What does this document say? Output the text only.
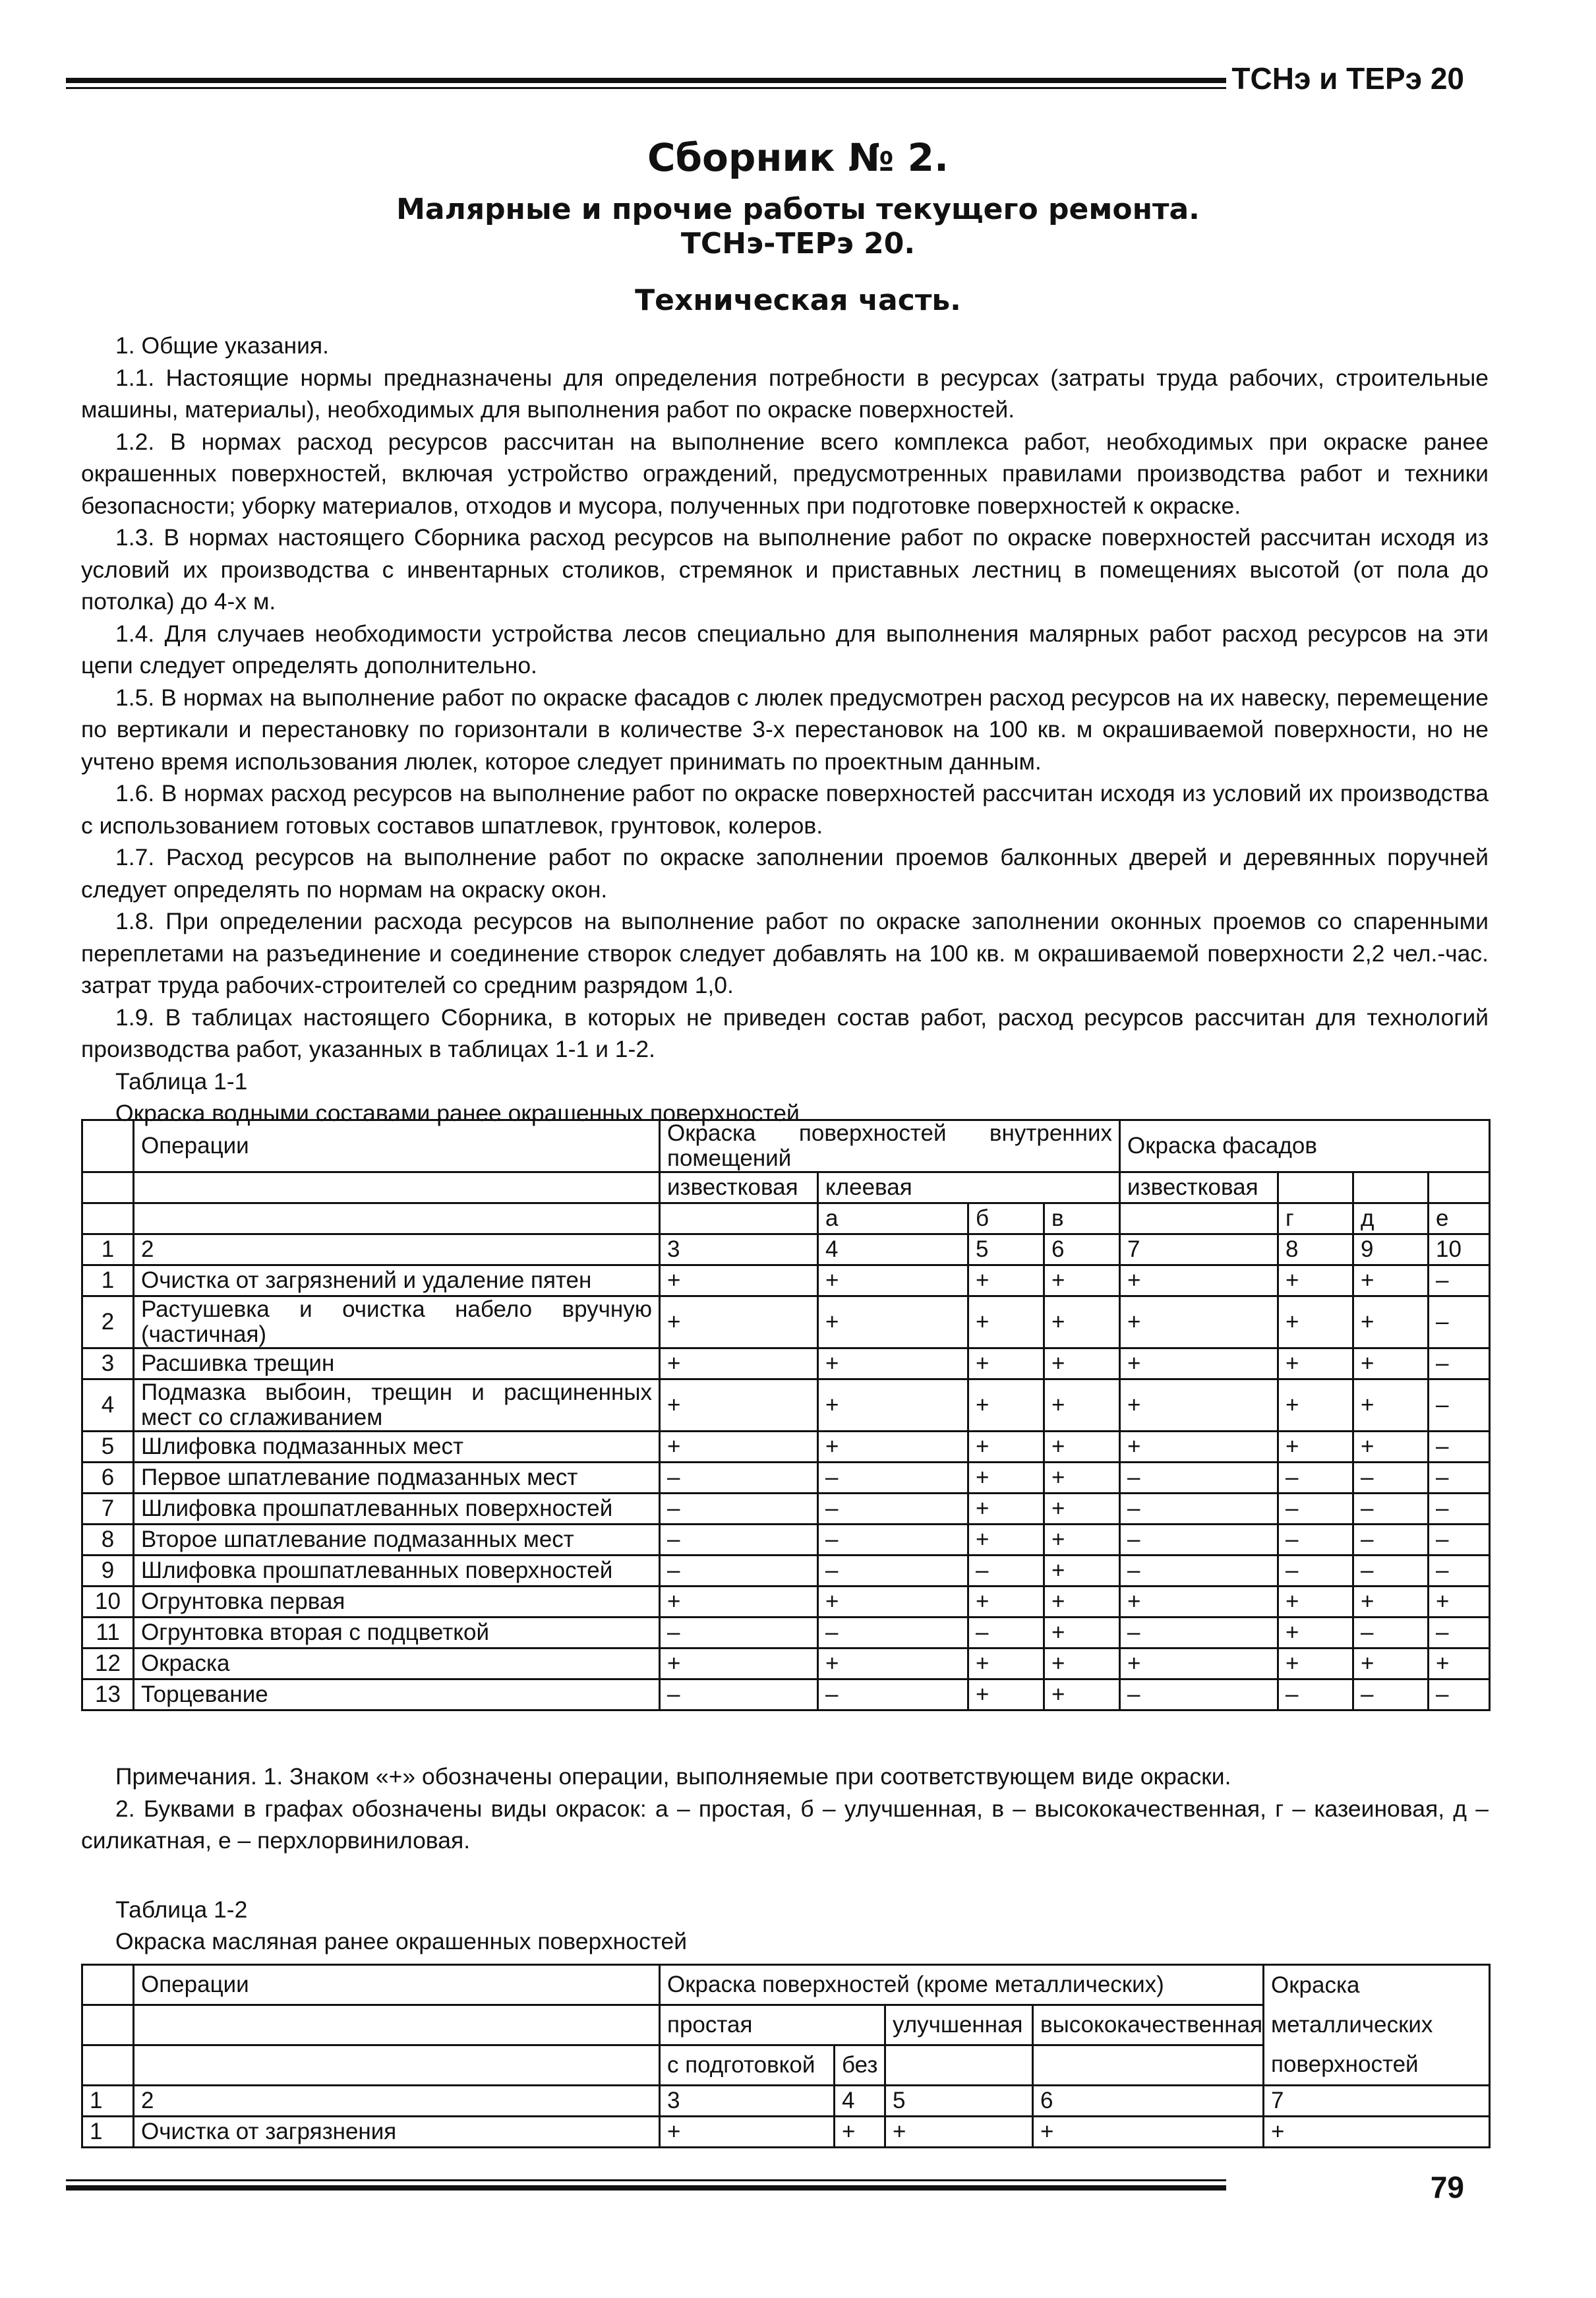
ТСНэ и ТЕРэ 20
Сборник № 2.
Малярные и прочие работы текущего ремонта.
ТСНэ-ТЕРэ 20.
Техническая часть.

1. Общие указания.

1.1. Настоящие нормы предназначены для определения потребности в ресурсах (затраты труда рабочих, строительные машины, материалы), необходимых для выполнения работ по окраске поверхностей.

1.2. В нормах расход ресурсов рассчитан на выполнение всего комплекса работ, необходимых при окраске ранее окрашенных поверхностей, включая устройство ограждений, предусмотренных правилами производства работ и техники безопасности; уборку материалов, отходов и мусора, полученных при подготовке поверхностей к окраске.

1.3. В нормах настоящего Сборника расход ресурсов на выполнение работ по окраске поверхностей рассчитан исходя из условий их производства с инвентарных столиков, стремянок и приставных лестниц в помещениях высотой (от пола до потолка) до 4-х м.

1.4. Для случаев необходимости устройства лесов специально для выполнения малярных работ расход ресурсов на эти цепи следует определять дополнительно.

1.5. В нормах на выполнение работ по окраске фасадов с люлек предусмотрен расход ресурсов на их навеску, перемещение по вертикали и перестановку по горизонтали в количестве 3-х перестановок на 100 кв. м окрашиваемой поверхности, но не учтено время использования люлек, которое следует принимать по проектным данным.

1.6. В нормах расход ресурсов на выполнение работ по окраске поверхностей рассчитан исходя из условий их производства с использованием готовых составов шпатлевок, грунтовок, колеров.

1.7. Расход ресурсов на выполнение работ по окраске заполнении проемов балконных дверей и деревянных поручней следует определять по нормам на окраску окон.

1.8. При определении расхода ресурсов на выполнение работ по окраске заполнении оконных проемов со спаренными переплетами на разъединение и соединение створок следует добавлять на 100 кв. м окрашиваемой поверхности 2,2 чел.-час. затрат труда рабочих-строителей со средним разрядом 1,0.

1.9. В таблицах настоящего Сборника, в которых не приведен состав работ, расход ресурсов рассчитан для технологий производства работ, указанных в таблицах 1-1 и 1-2.

Таблица 1-1

Окраска водными составами ранее окрашенных поверхностей

	Операции	Окраска поверхностей внутренних помещений				Окраска фасадов			
		известковая	клеевая			известковая			
			а	б	в		г	д	е
1	2	3	4	5	6	7	8	9	10
1	Очистка от загрязнений и удаление пятен	+	+	+	+	+	+	+	–
2	Растушевка и очистка набело вручную (частичная)	+	+	+	+	+	+	+	–
3	Расшивка трещин	+	+	+	+	+	+	+	–
4	Подмазка выбоин, трещин и расщиненных мест со сглаживанием	+	+	+	+	+	+	+	–
5	Шлифовка подмазанных мест	+	+	+	+	+	+	+	–
6	Первое шпатлевание подмазанных мест	–	–	+	+	–	–	–	–
7	Шлифовка прошпатлеванных поверхностей	–	–	+	+	–	–	–	–
8	Второе шпатлевание подмазанных мест	–	–	+	+	–	–	–	–
9	Шлифовка прошпатлеванных поверхностей	–	–	–	+	–	–	–	–
10	Огрунтовка первая	+	+	+	+	+	+	+	+
11	Огрунтовка вторая с подцветкой	–	–	–	+	–	+	–	–
12	Окраска	+	+	+	+	+	+	+	+
13	Торцевание	–	–	+	+	–	–	–	–

Примечания. 1. Знаком «+» обозначены операции, выполняемые при соответствующем виде окраски.

2. Буквами в графах обозначены виды окрасок: а – простая, б – улучшенная, в – высококачественная, г – казеиновая, д – силикатная, е – перхлорвиниловая.

Таблица 1-2

Окраска масляная ранее окрашенных поверхностей

	Операции	Окраска поверхностей (кроме металлических)				Окраска металлических поверхностей
		простая		улучшенная	высококачественная	
		с подготовкой	без			
1	2	3	4	5	6	7
1	Очистка от загрязнения	+	+	+	+	+
79
